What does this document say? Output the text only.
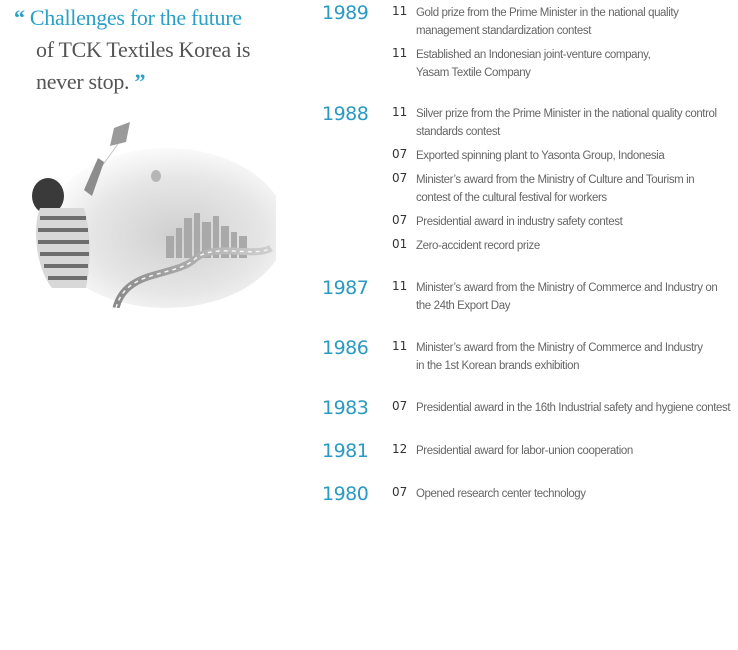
“ Challenges for the future
of TCK Textiles Korea is
never stop. ”
1989 11 Gold prize from the Prime Minister in the national quality
management standardization contest
11 Established an Indonesian joint-venture company,
Yasam Textile Company
1988 11 Silver prize from the Prime Minister in the national quality control
standards contest
07 Exported spinning plant to Yasonta Group, Indonesia
07 Minister’s award from the Ministry of Culture and Tourism in
contest of the cultural festival for workers
07 Presidential award in industry safety contest
01 Zero-accident record prize
1987 11 Minister’s award from the Ministry of Commerce and Industry on
the 24th Export Day
1986 11 Minister’s award from the Ministry of Commerce and Industry
in the 1st Korean brands exhibition
1983 07 Presidential award in the 16th Industrial safety and hygiene contest
1981 12 Presidential award for labor-union cooperation
1980 07 Opened research center technology
